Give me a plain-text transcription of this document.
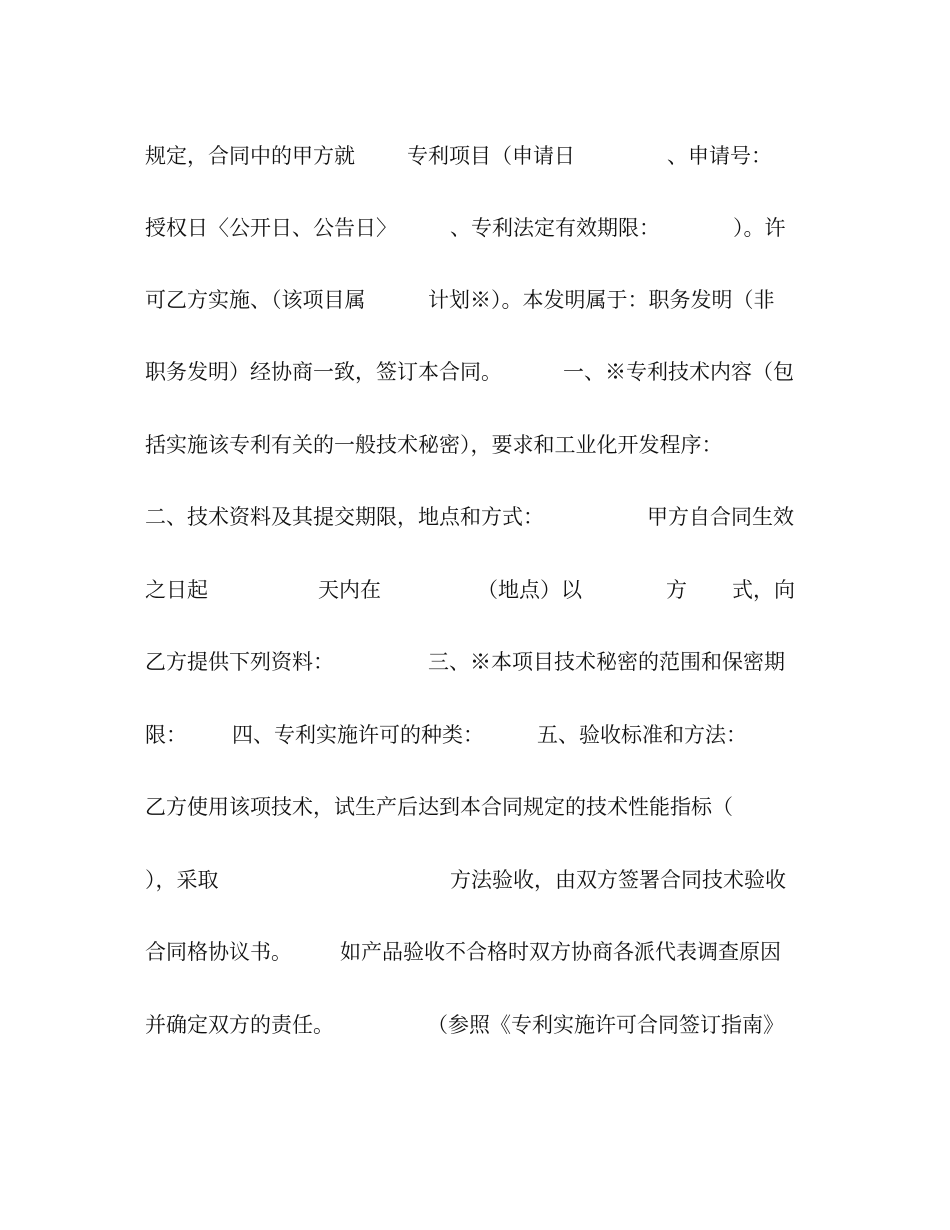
规定，合同中的甲方就

专利项目（申请日

	、申请号：

授权日〈公开日、公告日〉

	、专利法定有效期限：

	）。许

可乙方实施、（该项目属

	计划※）。本发明属于：职务发明（非

职务发明）经协商一致，签订本合同。

	一、※专利技术内容（包

括实施该专利有关的一般技术秘密），要求和工业化开发程序：

二、技术资料及其提交期限，地点和方式：

	甲方自合同生效

之日起

	天内在

	（地点）以

	方

式，向

乙方提供下列资料：

	三、※本项目技术秘密的范围和保密期

限：

四、专利实施许可的种类：

	五、验收标准和方法：

乙方使用该项技术，试生产后达到本合同规定的技术性能指标（

），采取

	方法验收，由双方签署合同技术验收

合同格协议书。

如产品验收不合格时双方协商各派代表调查原因

并确定双方的责任。

	（参照《专利实施许可合同签订指南》
